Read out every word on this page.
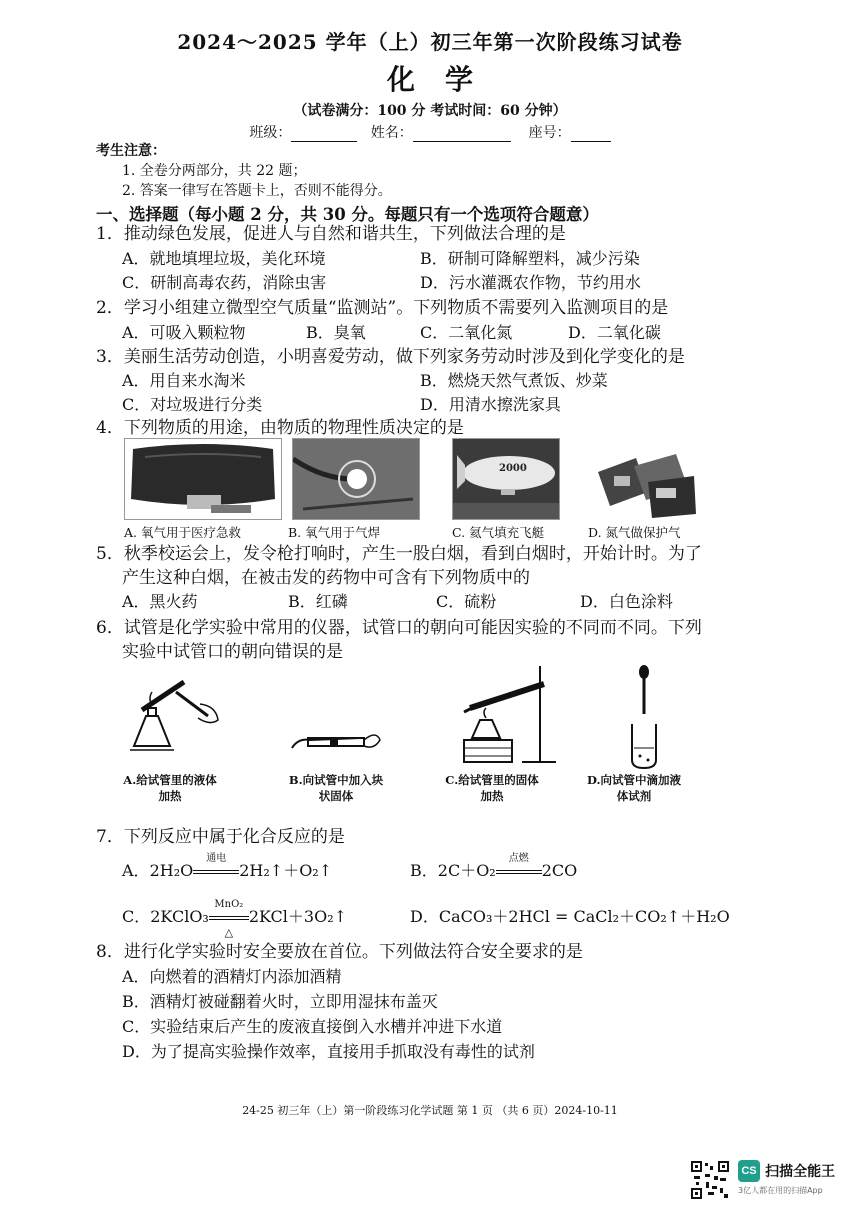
2024～2025 学年（上）初三年第一次阶段练习试卷
化学
（试卷满分：100 分 考试时间：60 分钟）
班级：	姓名：	座号：
考生注意：
1. 全卷分两部分，共 22 题；
2. 答案一律写在答题卡上，否则不能得分。
一、选择题（每小题 2 分，共 30 分。每题只有一个选项符合题意）
1．推动绿色发展，促进人与自然和谐共生，下列做法合理的是
A．就地填埋垃圾，美化环境	B．研制可降解塑料，减少污染
C．研制高毒农药，消除虫害	D．污水灌溉农作物，节约用水
2．学习小组建立微型空气质量“监测站”。下列物质不需要列入监测项目的是
A．可吸入颗粒物	B．臭氧	C．二氧化氮	D．二氧化碳
3．美丽生活劳动创造，小明喜爱劳动，做下列家务劳动时涉及到化学变化的是
A．用自来水淘米	B．燃烧天然气煮饭、炒菜
C．对垃圾进行分类	D．用清水擦洗家具
4．下列物质的用途，由物质的物理性质决定的是
2000
A. 氧气用于医疗急救	B. 氧气用于气焊	C. 氦气填充飞艇	D. 氮气做保护气
5．秋季校运会上，发令枪打响时，产生一股白烟，看到白烟时，开始计时。为了
产生这种白烟，在被击发的药物中可含有下列物质中的
A．黑火药	B．红磷	C．硫粉	D．白色涂料
6．试管是化学实验中常用的仪器，试管口的朝向可能因实验的不同而不同。下列
实验中试管口的朝向错误的是
A.给试管里的液体加热
B.向试管中加入块状固体
C.给试管里的固体加热
D.向试管中滴加液体试剂
7．下列反应中属于化合反应的是
A．2H₂O
通电
2H₂↑＋O₂↑	B．2C＋O₂
点燃
2CO
C．2KClO₃
MnO₂
△
2KCl＋3O₂↑	D．CaCO₃＋2HCl = CaCl₂＋CO₂↑＋H₂O
8．进行化学实验时安全要放在首位。下列做法符合安全要求的是
A．向燃着的酒精灯内添加酒精
B．酒精灯被碰翻着火时，立即用湿抹布盖灭
C．实验结束后产生的废液直接倒入水槽并冲进下水道
D．为了提高实验操作效率，直接用手抓取没有毒性的试剂
24-25 初三年（上）第一阶段练习化学试题 第 1 页 （共 6 页）2024-10-11
CS 扫描全能王
3亿人都在用的扫描App
